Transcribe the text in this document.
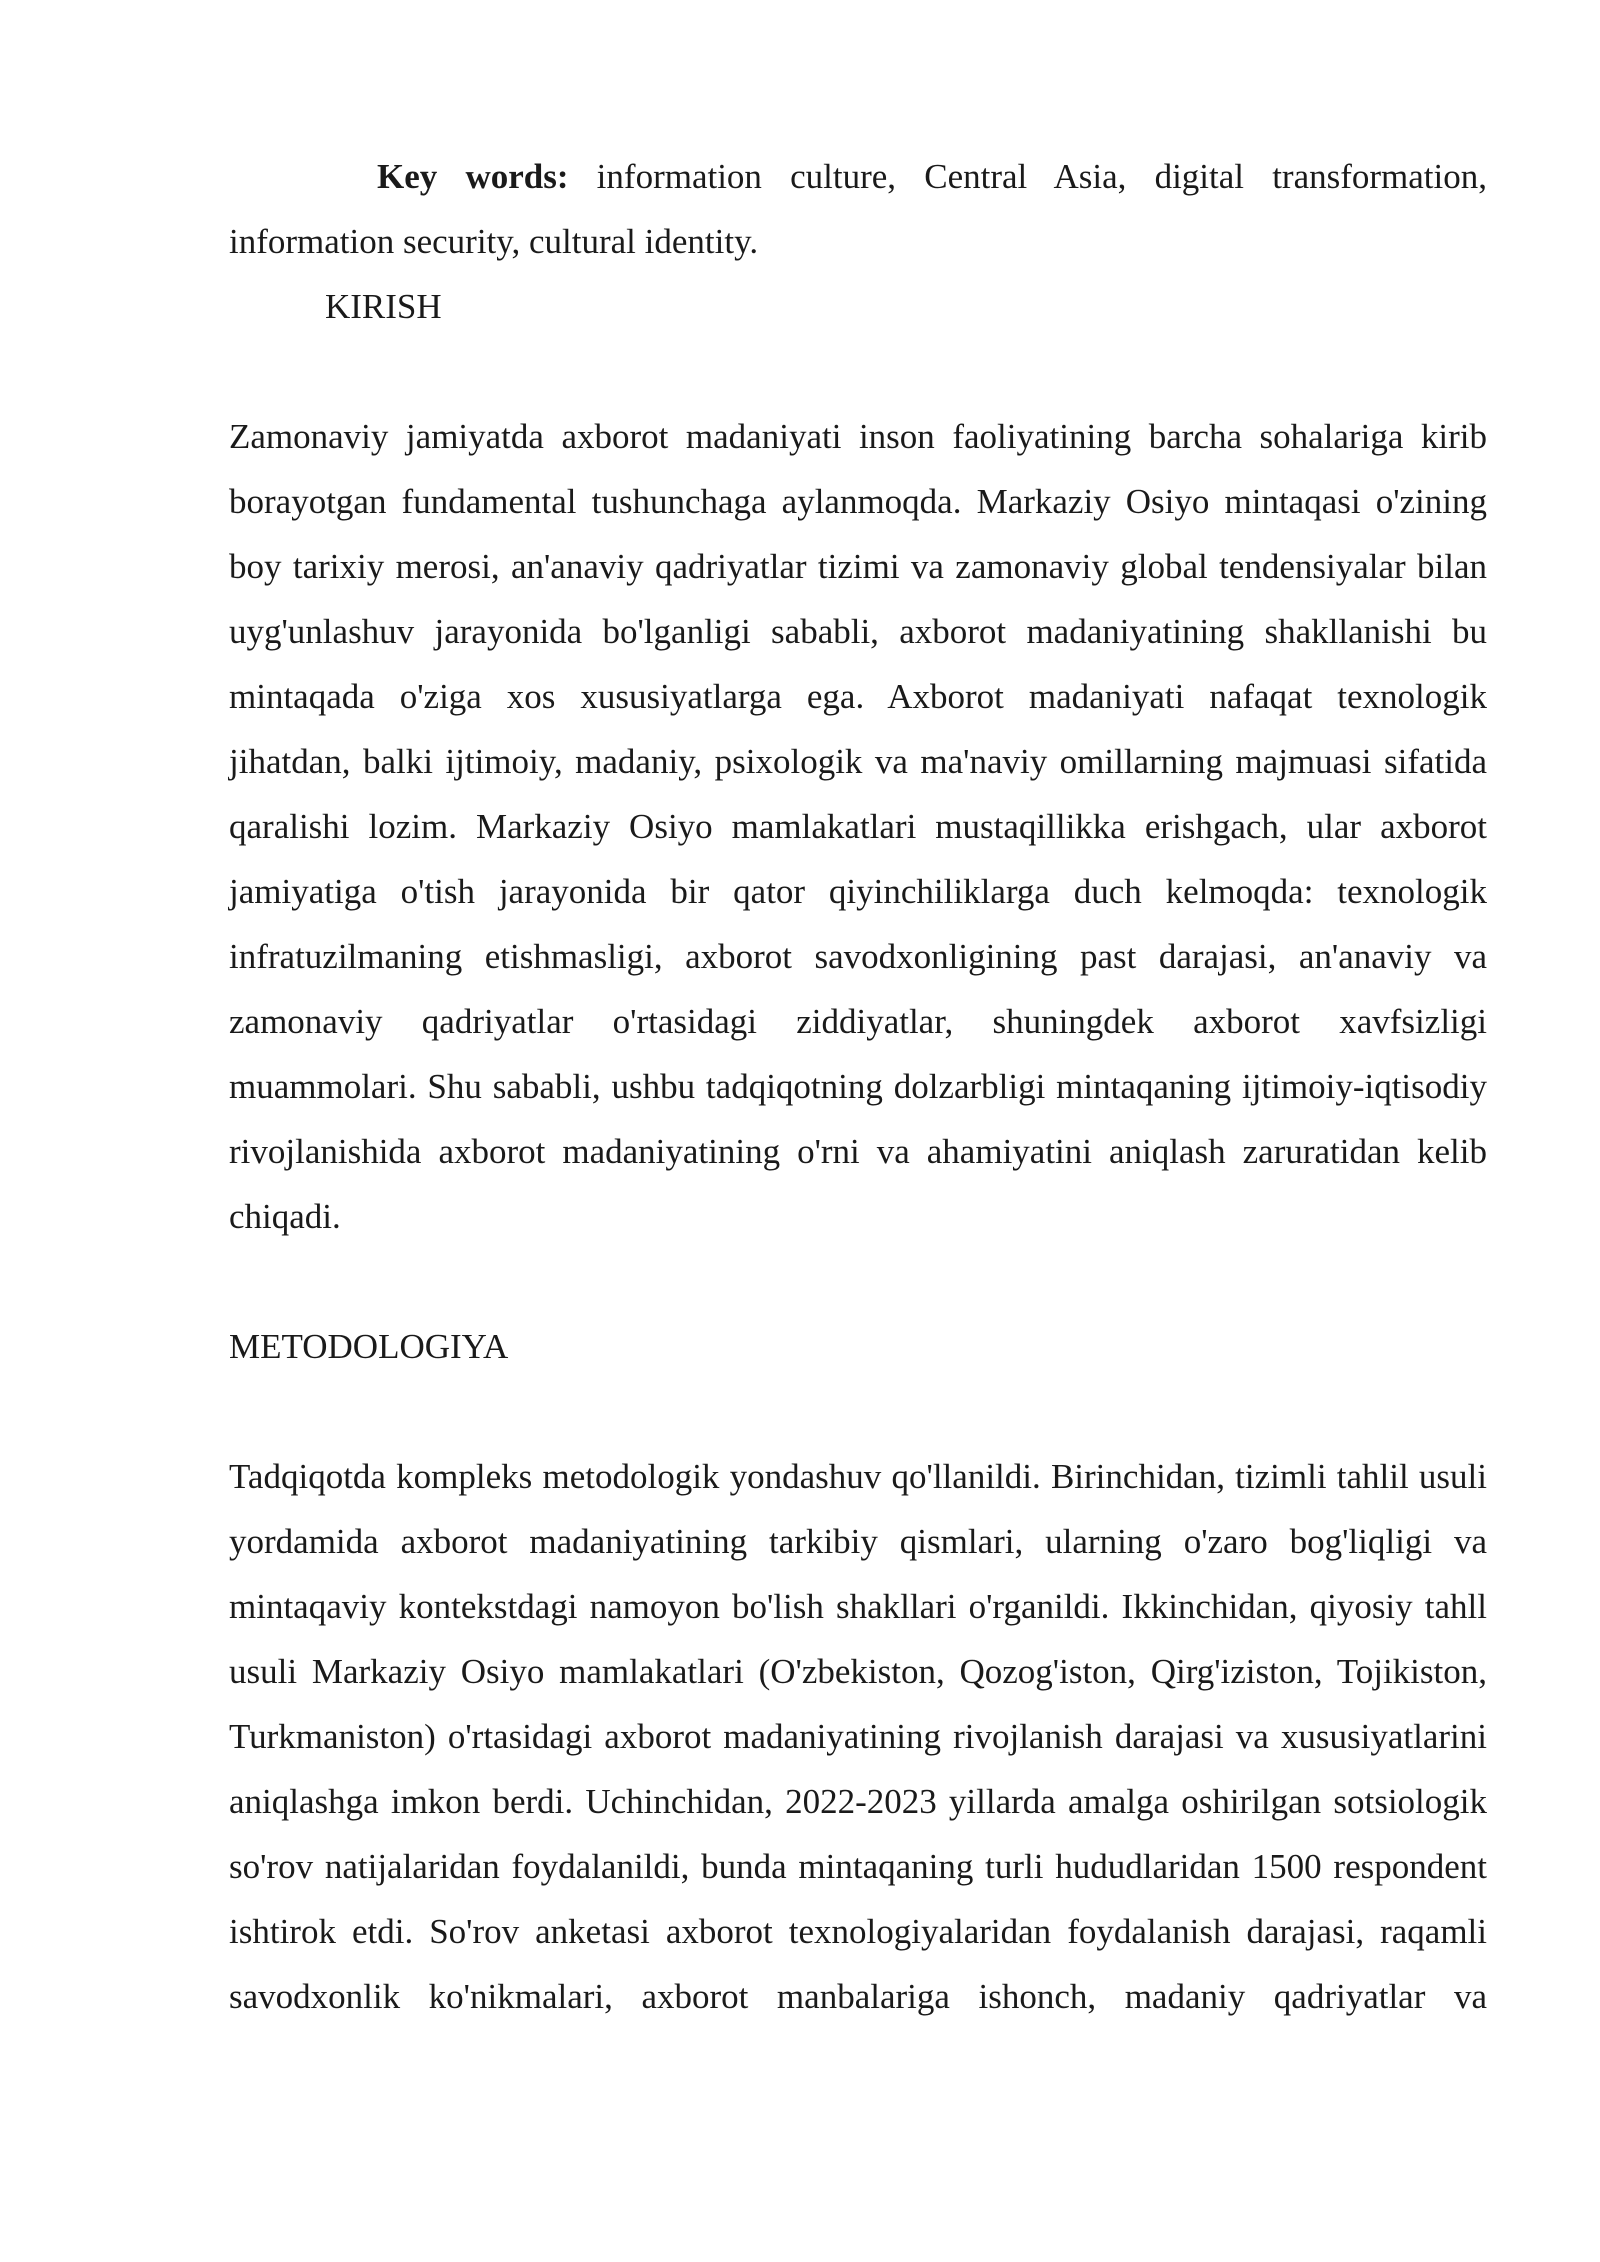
Key words: information culture, Central Asia, digital transformation, information security, cultural identity.

KIRISH

Zamonaviy jamiyatda axborot madaniyati inson faoliyatining barcha sohalariga kirib borayotgan fundamental tushunchaga aylanmoqda. Markaziy Osiyo mintaqasi o'zining boy tarixiy merosi, an'anaviy qadriyatlar tizimi va zamonaviy global tendensiyalar bilan uyg'unlashuv jarayonida bo'lganligi sababli, axborot madaniyatining shakllanishi bu mintaqada o'ziga xos xususiyatlarga ega. Axborot madaniyati nafaqat texnologik jihatdan, balki ijtimoiy, madaniy, psixologik va ma'naviy omillarning majmuasi sifatida qaralishi lozim. Markaziy Osiyo mamlakatlari mustaqillikka erishgach, ular axborot jamiyatiga o'tish jarayonida bir qator qiyinchiliklarga duch kelmoqda: texnologik infratuzilmaning etishmasligi, axborot savodxonligining past darajasi, an'anaviy va zamonaviy qadriyatlar o'rtasidagi ziddiyatlar, shuningdek axborot xavfsizligi muammolari. Shu sababli, ushbu tadqiqotning dolzarbligi mintaqaning ijtimoiy-iqtisodiy rivojlanishida axborot madaniyatining o'rni va ahamiyatini aniqlash zaruratidan kelib chiqadi.

METODOLOGIYA

Tadqiqotda kompleks metodologik yondashuv qo'llanildi. Birinchidan, tizimli tahlil usuli yordamida axborot madaniyatining tarkibiy qismlari, ularning o'zaro bog'liqligi va mintaqaviy kontekstdagi namoyon bo'lish shakllari o'rganildi. Ikkinchidan, qiyosiy tahll usuli Markaziy Osiyo mamlakatlari (O'zbekiston, Qozog'iston, Qirg'iziston, Tojikiston, Turkmaniston) o'rtasidagi axborot madaniyatining rivojlanish darajasi va xususiyatlarini aniqlashga imkon berdi. Uchinchidan, 2022-2023 yillarda amalga oshirilgan sotsiologik so'rov natijalaridan foydalanildi, bunda mintaqaning turli hududlaridan 1500 respondent ishtirok etdi. So'rov anketasi axborot texnologiyalaridan foydalanish darajasi, raqamli savodxonlik ko'nikmalari, axborot manbalariga ishonch, madaniy qadriyatlar va
